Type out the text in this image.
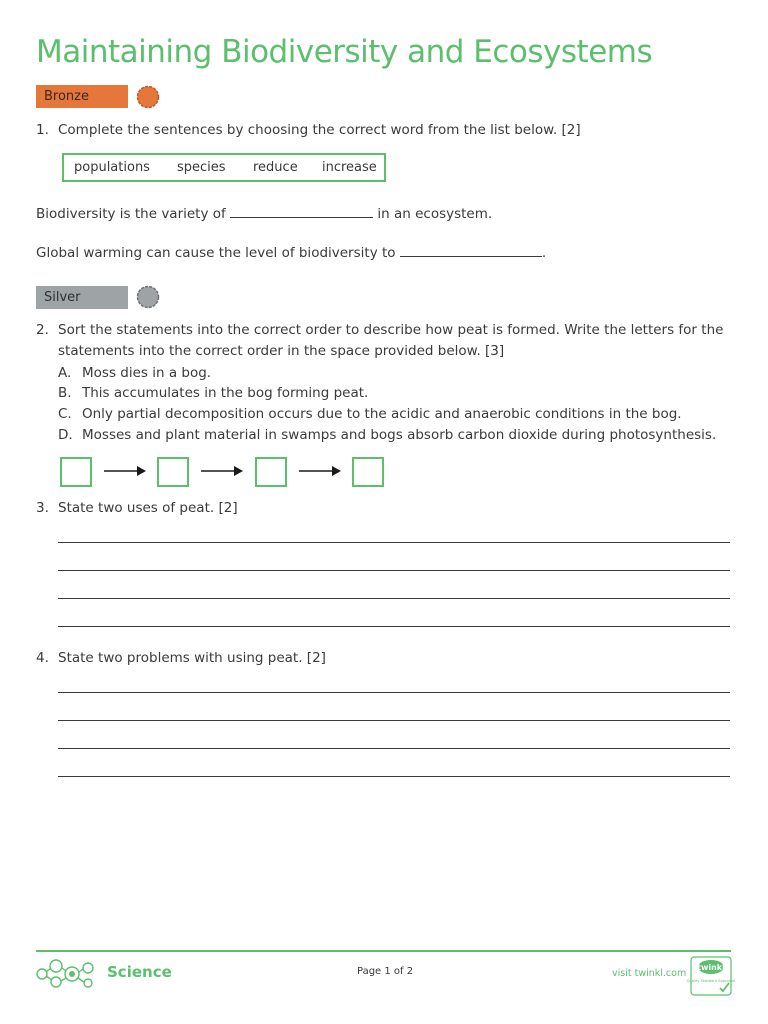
Maintaining Biodiversity and Ecosystems
Bronze
1. Complete the sentences by choosing the correct word from the list below. [2]
populations species reduce increase
Biodiversity is the variety of	in an ecosystem.
Global warming can cause the level of biodiversity to	.
Silver
2. Sort the statements into the correct order to describe how peat is formed. Write the letters for the
statements into the correct order in the space provided below. [3]
A. Moss dies in a bog.
B. This accumulates in the bog forming peat.
C. Only partial decomposition occurs due to the acidic and anaerobic conditions in the bog.
D. Mosses and plant material in swamps and bogs absorb carbon dioxide during photosynthesis.
3. State two uses of peat. [2]
4. State two problems with using peat. [2]
Science	Page 1 of 2	visit twinkl.com
twinkl
Quality Standard Approved
